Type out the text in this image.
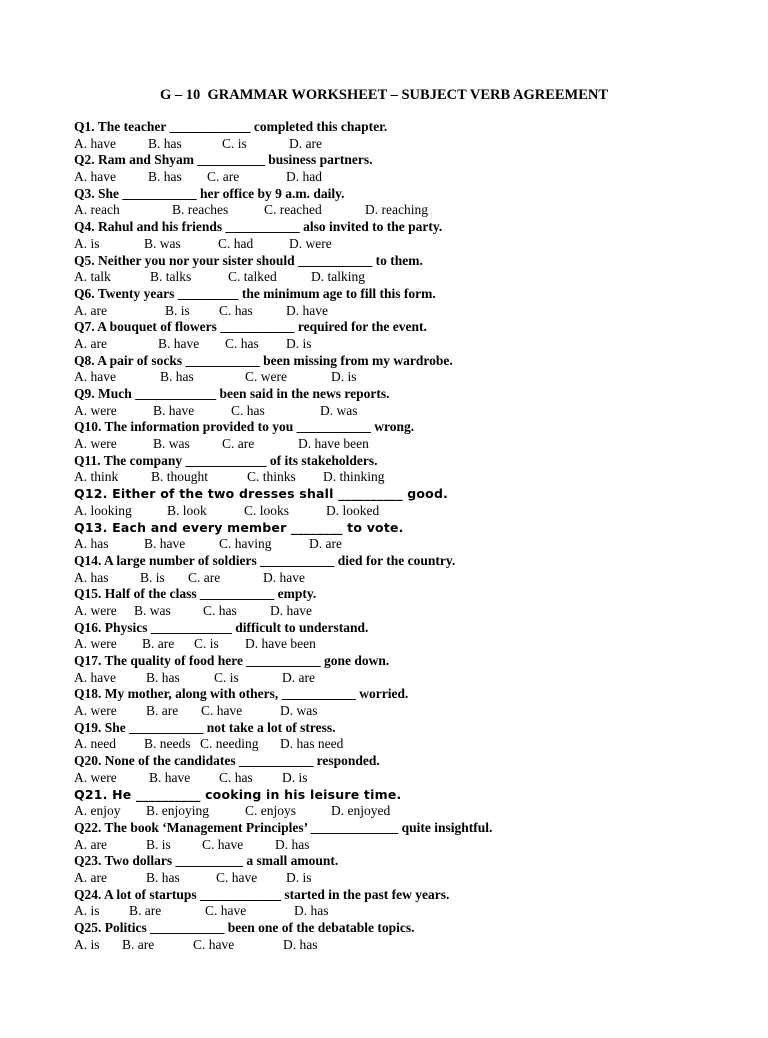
G – 10  GRAMMAR WORKSHEET – SUBJECT VERB AGREEMENT
Q1. The teacher ____________ completed this chapter.

A. have

B. has

	C. is

	D. are

Q2. Ram and Shyam __________ business partners.

A. have

B. has

C. are

	D. had

Q3. She ___________ her office by 9 a.m. daily.

A. reach

	B. reaches

	C. reached

	D. reaching

Q4. Rahul and his friends ___________ also invited to the party.

A. is

	B. was

	C. had

	D. were

Q5. Neither you nor your sister should ___________ to them.

A. talk

	B. talks

	C. talked

	D. talking

Q6. Twenty years _________ the minimum age to fill this form.

A. are

	B. is

C. has

D. have

Q7. A bouquet of flowers ___________ required for the event.

A. are

	B. have

C. has

D. is

Q8. A pair of socks ___________ been missing from my wardrobe.

A. have

	B. has

	C. were

	D. is

Q9. Much ____________ been said in the news reports.

A. were

	B. have

	C. has

	D. was

Q10. The information provided to you ___________ wrong.

A. were

	B. was

C. are

	D. have been

Q11. The company ____________ of its stakeholders.

A. think

B. thought

	C. thinks

D. thinking

Q12. Either of the two dresses shall __________ good.

A. looking

	B. look

	C. looks

	D. looked

Q13. Each and every member ________ to vote.

A. has

	B. have

	C. having

	D. are

Q14. A large number of soldiers ___________ died for the country.

A. has

B. is

C. are

	D. have

Q15. Half of the class ___________ empty.

A. were

B. was

C. has

D. have

Q16. Physics ____________ difficult to understand.

A. were

B. are

C. is

D. have been

Q17. The quality of food here ___________ gone down.

A. have

B. has

	C. is

	D. are

Q18. My mother, along with others, ___________ worried.

A. were

B. are

C. have

	D. was

Q19. She ___________ not take a lot of stress.

A. need

B. needs

C. needing

D. has need

Q20. None of the candidates ___________ responded.

A. were

B. have

C. has

D. is

Q21. He __________ cooking in his leisure time.

A. enjoy

B. enjoying

	C. enjoys

	D. enjoyed

Q22. The book ‘Management Principles’ _____________ quite insightful.

A. are

	B. is

C. have

D. has

Q23. Two dollars __________ a small amount.

A. are

	B. has

	C. have

D. is

Q24. A lot of startups ____________ started in the past few years.

A. is

B. are

	C. have

	D. has

Q25. Politics ___________ been one of the debatable topics.

A. is

B. are

	C. have

	D. has
